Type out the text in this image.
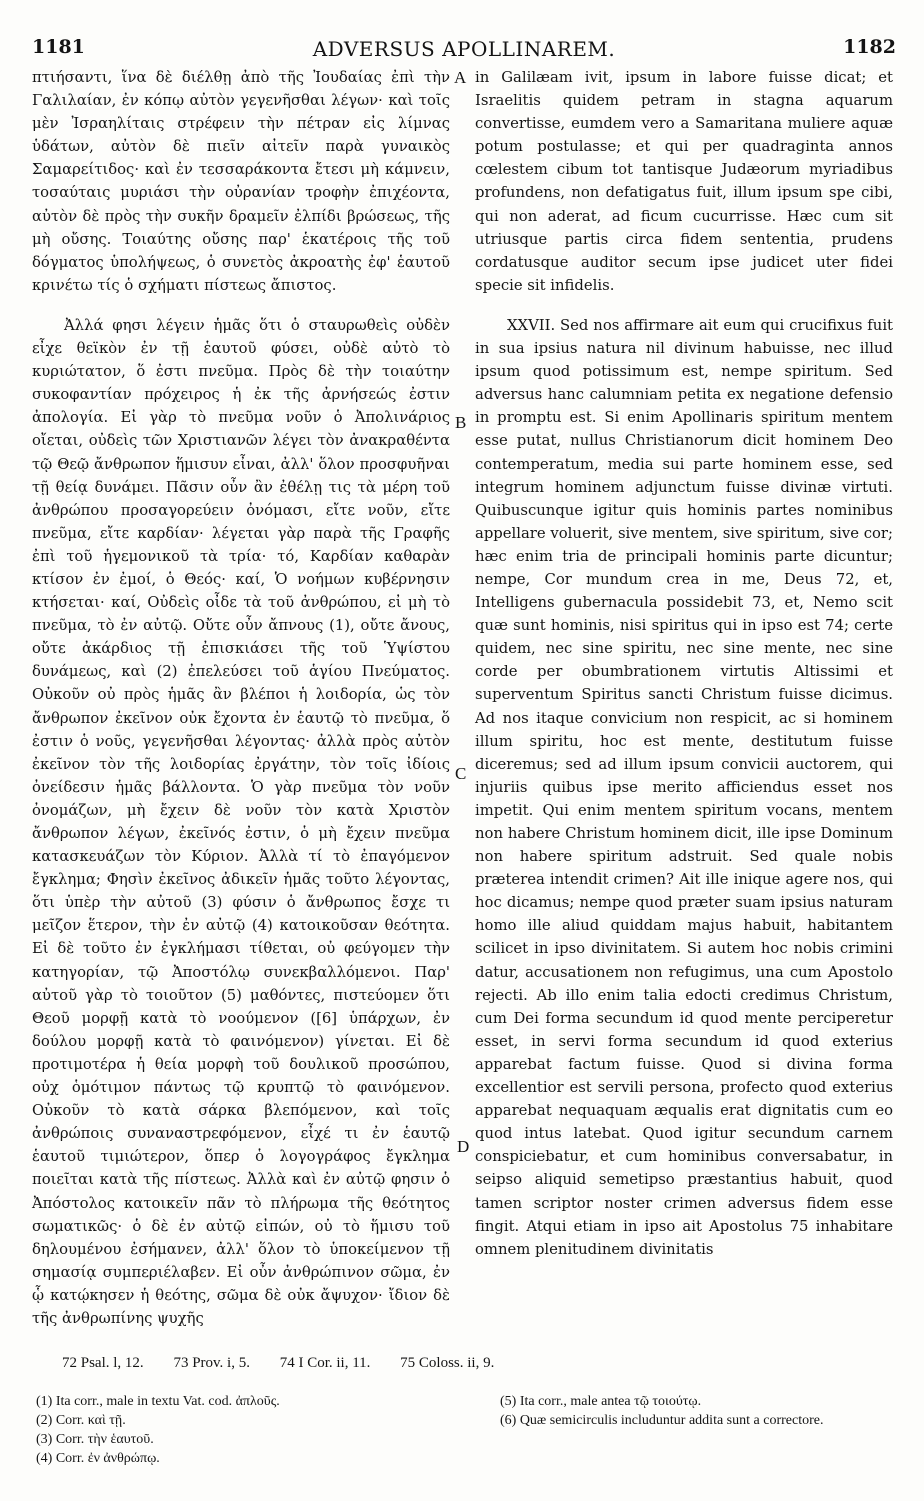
1181	ADVERSUS APOLLINAREM.	1182

πτιήσαντι, ἵνα δὲ διέλθῃ ἀπὸ τῆς Ἰουδαίας ἐπὶ τὴν Γαλιλαίαν, ἐν κόπῳ αὐτὸν γεγενῆσθαι λέγων· καὶ τοῖς μὲν Ἰσραηλίταις στρέφειν τὴν πέτραν εἰς λίμνας ὑδάτων, αὐτὸν δὲ πιεῖν αἰτεῖν παρὰ γυναικὸς Σαμαρείτιδος· καὶ ἐν τεσσαράκοντα ἔτεσι μὴ κάμνειν, τοσαύταις μυριάσι τὴν οὐρανίαν τροφὴν ἐπιχέοντα, αὐτὸν δὲ πρὸς τὴν συκῆν δραμεῖν ἐλπίδι βρώσεως, τῆς μὴ οὔσης. Τοιαύτης οὔσης παρ' ἑκατέροις τῆς τοῦ δόγματος ὑπολήψεως, ὁ συνετὸς ἀκροατὴς ἐφ' ἑαυτοῦ κρινέτω τίς ὁ σχήματι πίστεως ἄπιστος.

Ἀλλά φησι λέγειν ἡμᾶς ὅτι ὁ σταυρωθεὶς οὐδὲν εἶχε θεϊκὸν ἐν τῇ ἑαυτοῦ φύσει, οὐδὲ αὐτὸ τὸ κυριώτατον, ὅ ἐστι πνεῦμα. Πρὸς δὲ τὴν τοιαύτην συκοφαντίαν πρόχειρος ἡ ἐκ τῆς ἀρνήσεώς ἐστιν ἀπολογία. Εἰ γὰρ τὸ πνεῦμα νοῦν ὁ Ἀπολινάριος οἴεται, οὐδεὶς τῶν Χριστιανῶν λέγει τὸν ἀνακραθέντα τῷ Θεῷ ἄνθρωπον ἥμισυν εἶναι, ἀλλ' ὅλον προσφυῆναι τῇ θείᾳ δυνάμει. Πᾶσιν οὖν ἂν ἐθέλῃ τις τὰ μέρη τοῦ ἀνθρώπου προσαγορεύειν ὀνόμασι, εἴτε νοῦν, εἴτε πνεῦμα, εἴτε καρδίαν· λέγεται γὰρ παρὰ τῆς Γραφῆς ἐπὶ τοῦ ἡγεμονικοῦ τὰ τρία· τό, Καρδίαν καθαρὰν κτίσον ἐν ἐμοί, ὁ Θεός· καί, Ὁ νοήμων κυβέρνησιν κτήσεται· καί, Οὐδεὶς οἶδε τὰ τοῦ ἀνθρώπου, εἰ μὴ τὸ πνεῦμα, τὸ ἐν αὐτῷ. Οὔτε οὖν ἄπνους (1), οὔτε ἄνους, οὔτε ἀκάρδιος τῇ ἐπισκιάσει τῆς τοῦ Ὑψίστου δυνάμεως, καὶ (2) ἐπελεύσει τοῦ ἁγίου Πνεύματος. Οὐκοῦν οὐ πρὸς ἡμᾶς ἂν βλέποι ἡ λοιδορία, ὡς τὸν ἄνθρωπον ἐκεῖνον οὐκ ἔχοντα ἐν ἑαυτῷ τὸ πνεῦμα, ὅ ἐστιν ὁ νοῦς, γεγενῆσθαι λέγοντας· ἀλλὰ πρὸς αὐτὸν ἐκεῖνον τὸν τῆς λοιδορίας ἐργάτην, τὸν τοῖς ἰδίοις ὀνείδεσιν ἡμᾶς βάλλοντα. Ὁ γὰρ πνεῦμα τὸν νοῦν ὀνομάζων, μὴ ἔχειν δὲ νοῦν τὸν κατὰ Χριστὸν ἄνθρωπον λέγων, ἐκεῖνός ἐστιν, ὁ μὴ ἔχειν πνεῦμα κατασκευάζων τὸν Κύριον. Ἀλλὰ τί τὸ ἐπαγόμενον ἔγκλημα; Φησὶν ἐκεῖνος ἀδικεῖν ἡμᾶς τοῦτο λέγοντας, ὅτι ὑπὲρ τὴν αὐτοῦ (3) φύσιν ὁ ἄνθρωπος ἔσχε τι μεῖζον ἕτερον, τὴν ἐν αὐτῷ (4) κατοικοῦσαν θεότητα. Εἰ δὲ τοῦτο ἐν ἐγκλήμασι τίθεται, οὐ φεύγομεν τὴν κατηγορίαν, τῷ Ἀποστόλῳ συνεκβαλλόμενοι. Παρ' αὐτοῦ γὰρ τὸ τοιοῦτον (5) μαθόντες, πιστεύομεν ὅτι Θεοῦ μορφῇ κατὰ τὸ νοούμενον ([6] ὑπάρχων, ἐν δούλου μορφῇ κατὰ τὸ φαινόμενον) γίνεται. Εἰ δὲ προτιμοτέρα ἡ θεία μορφὴ τοῦ δουλικοῦ προσώπου, οὐχ ὁμότιμον πάντως τῷ κρυπτῷ τὸ φαινόμενον. Οὐκοῦν τὸ κατὰ σάρκα βλεπόμενον, καὶ τοῖς ἀνθρώποις συναναστρεφόμενον, εἶχέ τι ἐν ἑαυτῷ ἑαυτοῦ τιμιώτερον, ὅπερ ὁ λογογράφος ἔγκλημα ποιεῖται κατὰ τῆς πίστεως. Ἀλλὰ καὶ ἐν αὐτῷ φησιν ὁ Ἀπόστολος κατοικεῖν πᾶν τὸ πλήρωμα τῆς θεότητος σωματικῶς· ὁ δὲ ἐν αὐτῷ εἰπών, οὐ τὸ ἥμισυ τοῦ δηλουμένου ἐσήμανεν, ἀλλ' ὅλον τὸ ὑποκείμενον τῇ σημασίᾳ συμπεριέλαβεν. Εἰ οὖν ἀνθρώπινον σῶμα, ἐν ᾧ κατῴκησεν ἡ θεότης, σῶμα δὲ οὐκ ἄψυχον· ἴδιον δὲ τῆς ἀνθρωπίνης ψυχῆς

A
B
C
D

in Galilæam ivit, ipsum in labore fuisse dicat; et Israelitis quidem petram in stagna aquarum convertisse, eumdem vero a Samaritana muliere aquæ potum postulasse; et qui per quadraginta annos cœlestem cibum tot tantisque Judæorum myriadibus profundens, non defatigatus fuit, illum ipsum spe cibi, qui non aderat, ad ficum cucurrisse. Hæc cum sit utriusque partis circa fidem sententia, prudens cordatusque auditor secum ipse judicet uter fidei specie sit infidelis.

XXVII. Sed nos affirmare ait eum qui crucifixus fuit in sua ipsius natura nil divinum habuisse, nec illud ipsum quod potissimum est, nempe spiritum. Sed adversus hanc calumniam petita ex negatione defensio in promptu est. Si enim Apollinaris spiritum mentem esse putat, nullus Christianorum dicit hominem Deo contemperatum, media sui parte hominem esse, sed integrum hominem adjunctum fuisse divinæ virtuti. Quibuscunque igitur quis hominis partes nominibus appellare voluerit, sive mentem, sive spiritum, sive cor; hæc enim tria de principali hominis parte dicuntur; nempe, Cor mundum crea in me, Deus 72, et, Intelligens gubernacula possidebit 73, et, Nemo scit quæ sunt hominis, nisi spiritus qui in ipso est 74; certe quidem, nec sine spiritu, nec sine mente, nec sine corde per obumbrationem virtutis Altissimi et superventum Spiritus sancti Christum fuisse dicimus. Ad nos itaque convicium non respicit, ac si hominem illum spiritu, hoc est mente, destitutum fuisse diceremus; sed ad illum ipsum convicii auctorem, qui injuriis quibus ipse merito afficiendus esset nos impetit. Qui enim mentem spiritum vocans, mentem non habere Christum hominem dicit, ille ipse Dominum non habere spiritum adstruit. Sed quale nobis præterea intendit crimen? Ait ille inique agere nos, qui hoc dicamus; nempe quod præter suam ipsius naturam homo ille aliud quiddam majus habuit, habitantem scilicet in ipso divinitatem. Si autem hoc nobis crimini datur, accusationem non refugimus, una cum Apostolo rejecti. Ab illo enim talia edocti credimus Christum, cum Dei forma secundum id quod mente perciperetur esset, in servi forma secundum id quod exterius apparebat factum fuisse. Quod si divina forma excellentior est servili persona, profecto quod exterius apparebat nequaquam æqualis erat dignitatis cum eo quod intus latebat. Quod igitur secundum carnem conspiciebatur, et cum hominibus conversabatur, in seipso aliquid semetipso præstantius habuit, quod tamen scriptor noster crimen adversus fidem esse fingit. Atqui etiam in ipso ait Apostolus 75 inhabitare omnem plenitudinem divinitatis

72 Psal. l, 12. 73 Prov. i, 5. 74 I Cor. ii, 11. 75 Coloss. ii, 9.
(1) Ita corr., male in textu Vat. cod. ἀπλοῦς.
(2) Corr. καὶ τῇ.
(3) Corr. τὴν ἑαυτοῦ.
(4) Corr. ἐν ἀνθρώπῳ.
(5) Ita corr., male antea τῷ τοιούτῳ.
(6) Quæ semicirculis includuntur addita sunt a correctore.
